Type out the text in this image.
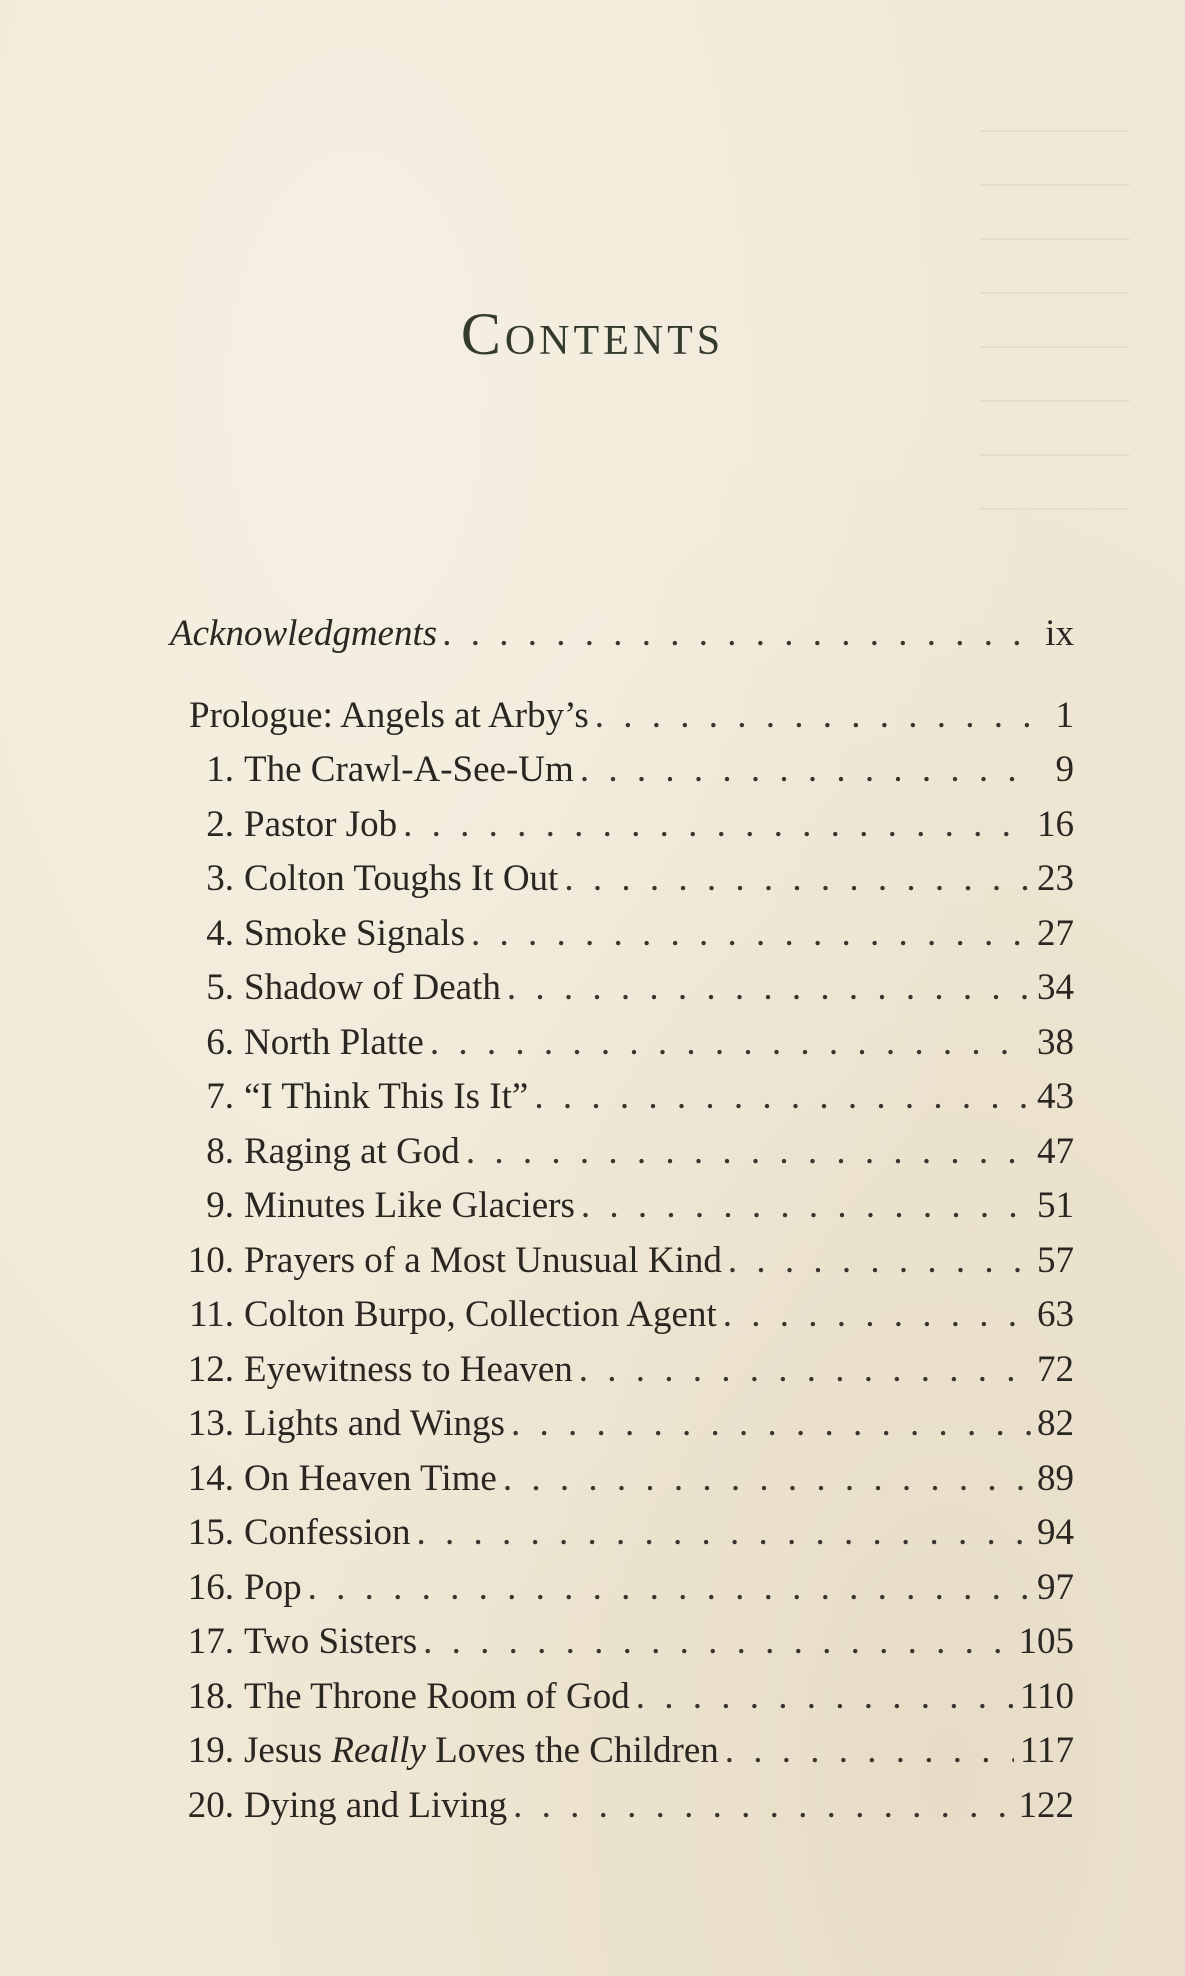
Contents
Acknowledgments . . .	ix
Prologue: Angels at Arby’s . . .	1
1. The Crawl-A-See-Um . . .	9
2. Pastor Job . . .	16
3. Colton Toughs It Out . . .	23
4. Smoke Signals . . .	27
5. Shadow of Death . . .	34
6. North Platte . . .	38
7. “I Think This Is It” . . .	43
8. Raging at God . . .	47
9. Minutes Like Glaciers . . .	51
10. Prayers of a Most Unusual Kind . . .	57
11. Colton Burpo, Collection Agent . . .	63
12. Eyewitness to Heaven . . .	72
13. Lights and Wings . . .	82
14. On Heaven Time . . .	89
15. Confession . . .	94
16. Pop . . .	97
17. Two Sisters . . .	105
18. The Throne Room of God . . .	110
19. Jesus Really Loves the Children . . .	117
20. Dying and Living . . .	122
